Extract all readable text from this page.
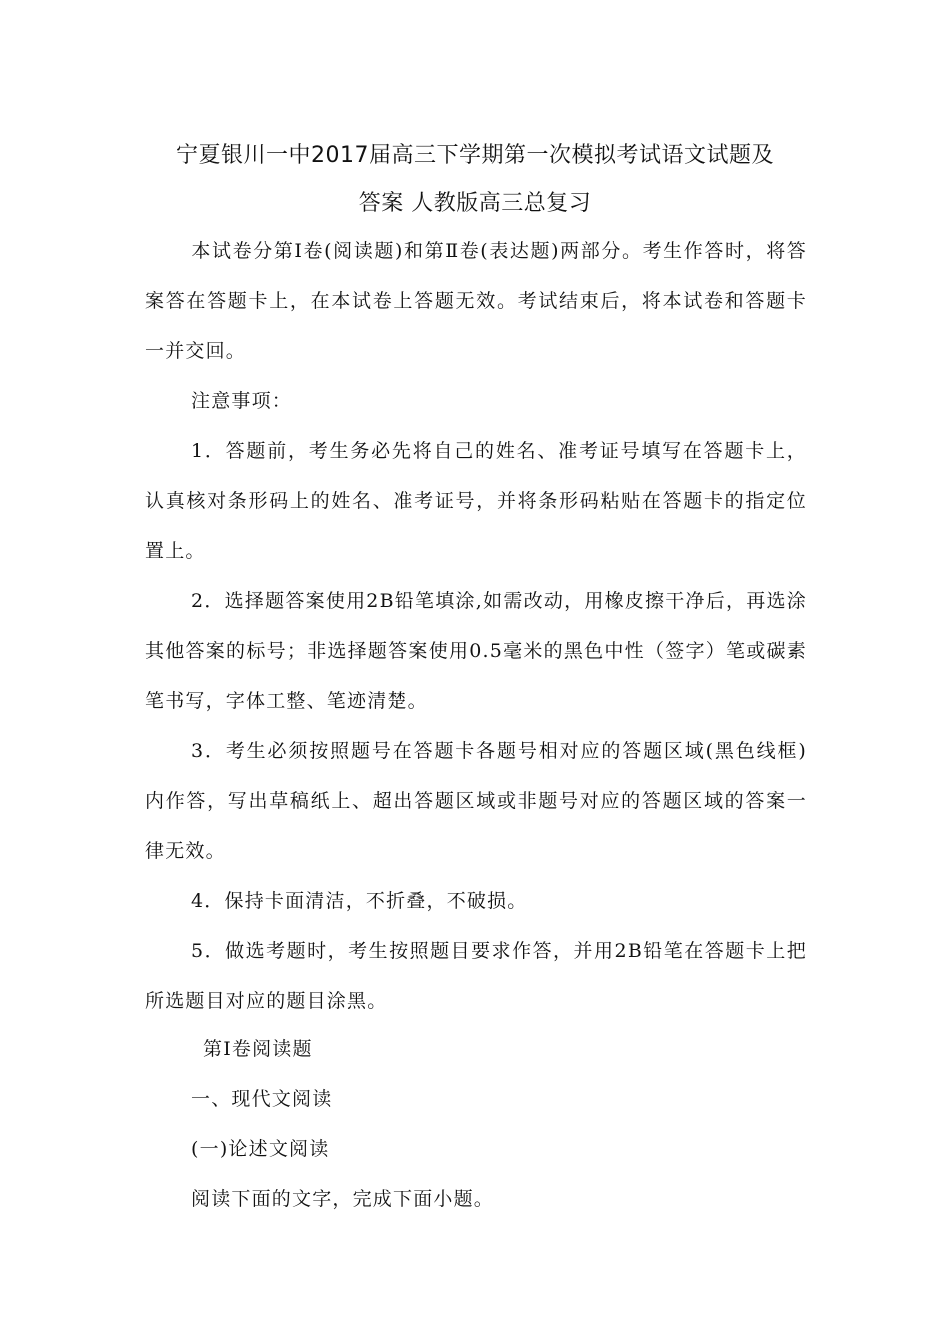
宁夏银川一中2017届高三下学期第一次模拟考试语文试题及
答案 人教版高三总复习
本试卷分第Ⅰ卷(阅读题)和第Ⅱ卷(表达题)两部分。考生作答时，将答案答在答题卡上，在本试卷上答题无效。考试结束后，将本试卷和答题卡一并交回。
注意事项：
1．答题前，考生务必先将自己的姓名、准考证号填写在答题卡上，认真核对条形码上的姓名、准考证号，并将条形码粘贴在答题卡的指定位置上。
2．选择题答案使用2B铅笔填涂,如需改动，用橡皮擦干净后，再选涂其他答案的标号；非选择题答案使用0.5毫米的黑色中性（签字）笔或碳素笔书写，字体工整、笔迹清楚。
3．考生必须按照题号在答题卡各题号相对应的答题区域(黑色线框)内作答，写出草稿纸上、超出答题区域或非题号对应的答题区域的答案一律无效。
4．保持卡面清洁，不折叠，不破损。
5．做选考题时，考生按照题目要求作答，并用2B铅笔在答题卡上把所选题目对应的题目涂黑。
第Ⅰ卷阅读题
一、现代文阅读
(一)论述文阅读
阅读下面的文字，完成下面小题。
